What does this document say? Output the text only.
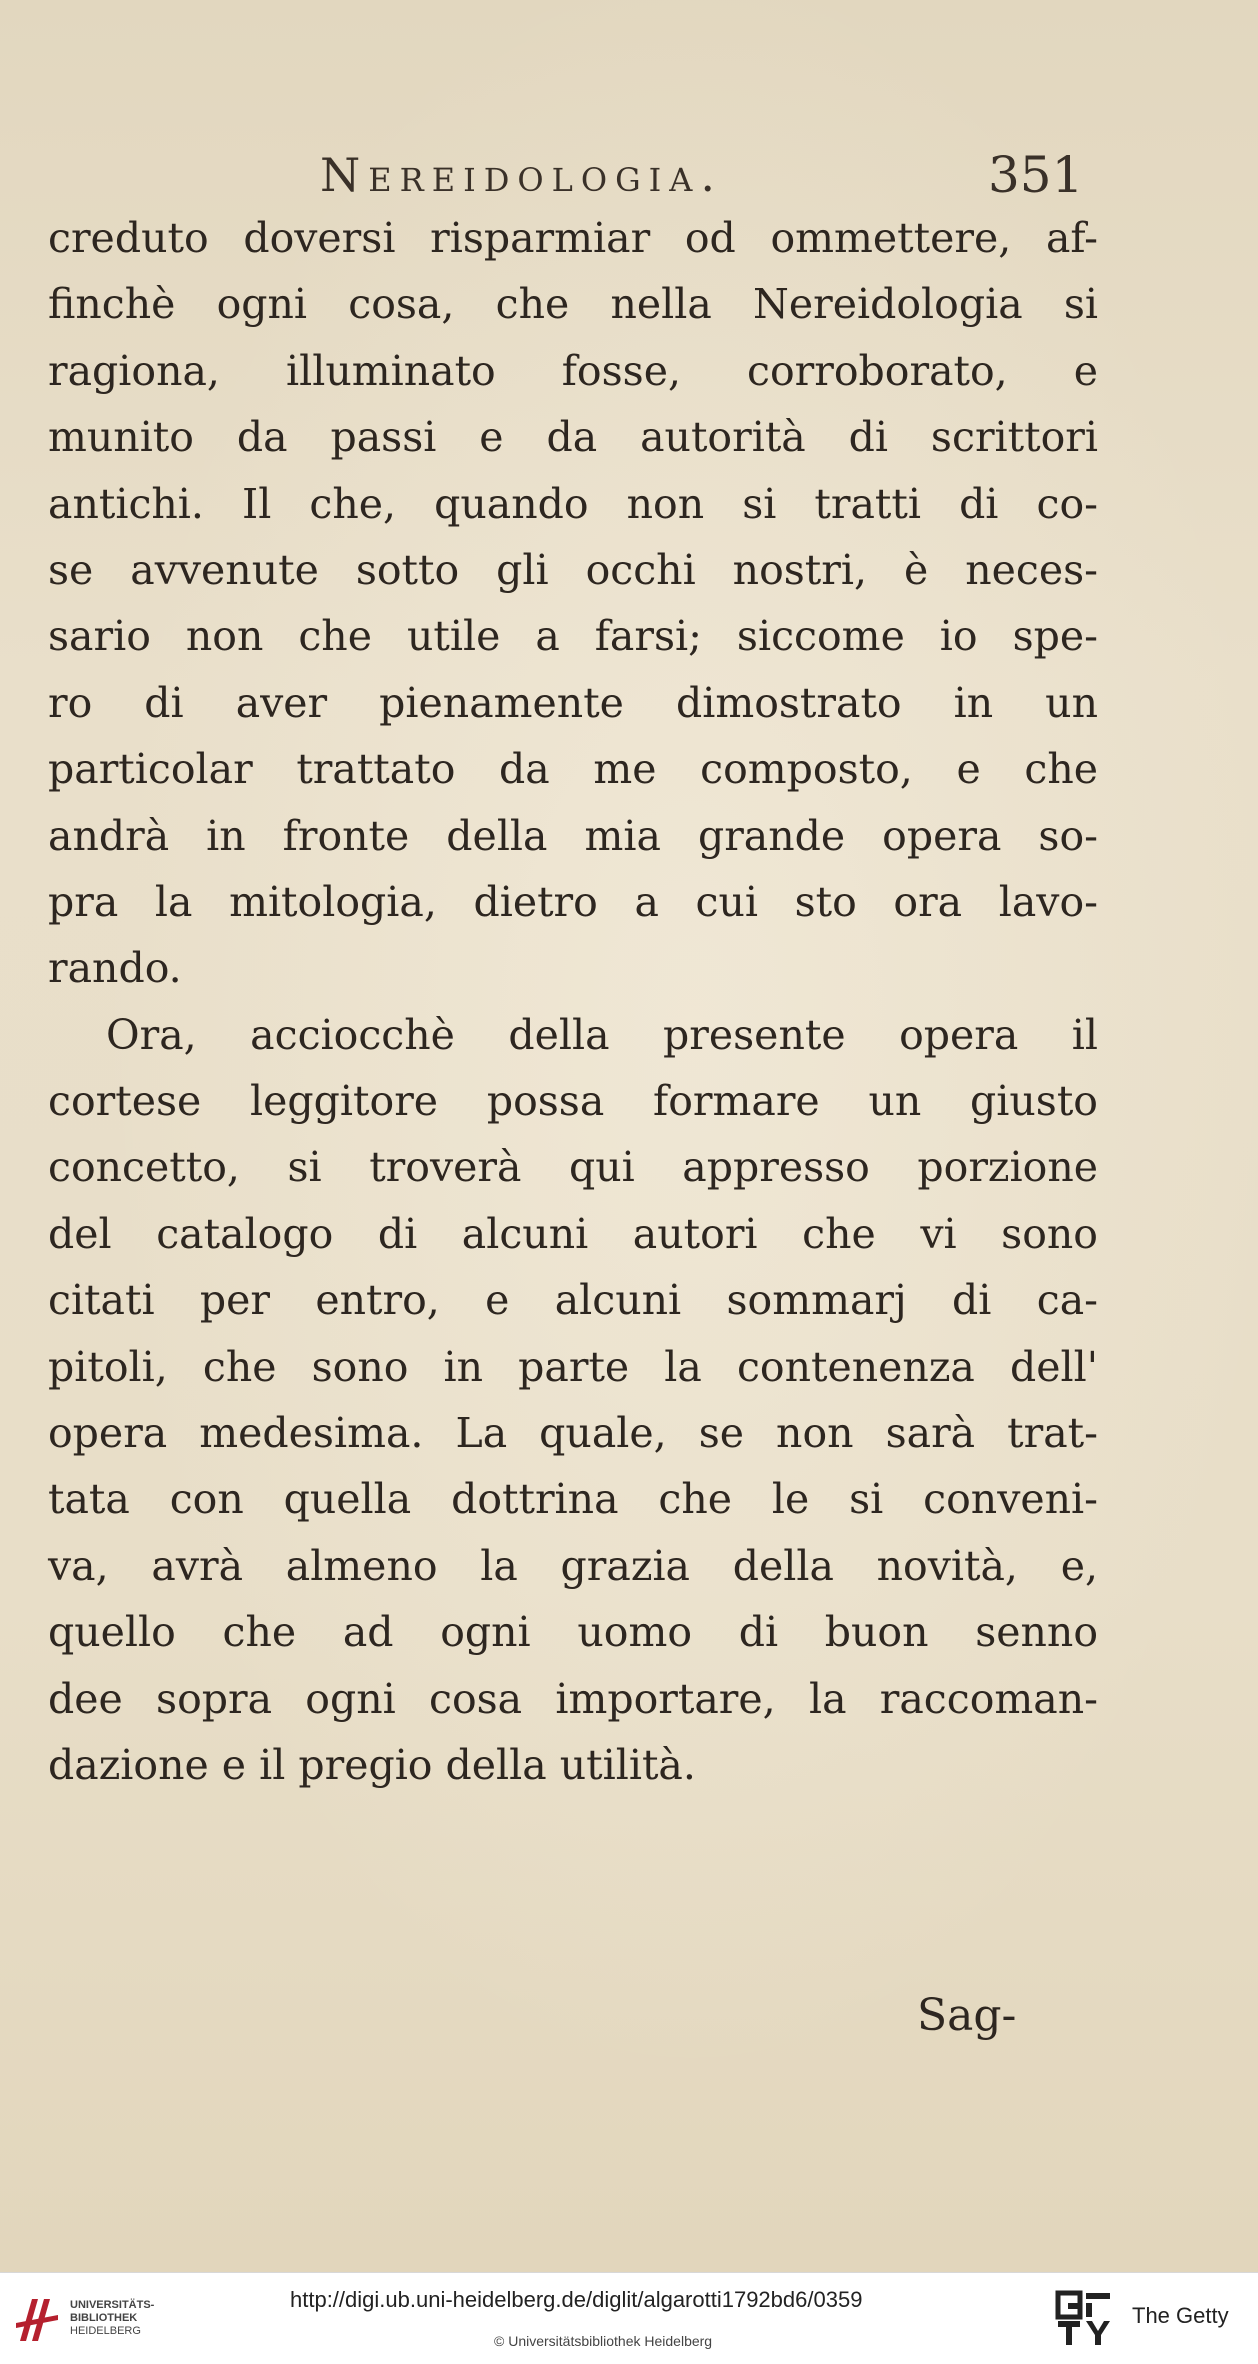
Nereidologia.	351
creduto doversi risparmiar od ommettere, af-
finchè ogni cosa, che nella Nereidologia si
ragiona, illuminato fosse, corroborato, e
munito da passi e da autorità di scrittori
antichi. Il che, quando non si tratti di co-
se avvenute sotto gli occhi nostri, è neces-
sario non che utile a farsi; siccome io spe-
ro di aver pienamente dimostrato in un
particolar trattato da me composto, e che
andrà in fronte della mia grande opera so-
pra la mitologia, dietro a cui sto ora lavo-
rando.
Ora, acciocchè della presente opera il
cortese leggitore possa formare un giusto
concetto, si troverà qui appresso porzione
del catalogo di alcuni autori che vi sono
citati per entro, e alcuni sommarj di ca-
pitoli, che sono in parte la contenenza dell'
opera medesima. La quale, se non sarà trat-
tata con quella dottrina che le si conveni-
va, avrà almeno la grazia della novità, e,
quello che ad ogni uomo di buon senno
dee sopra ogni cosa importare, la raccoman-
dazione e il pregio della utilità.
Sag-
UNIVERSITÄTS-
BIBLIOTHEK
HEIDELBERG
http://digi.ub.uni-heidelberg.de/diglit/algarotti1792bd6/0359
© Universitätsbibliothek Heidelberg
The Getty
